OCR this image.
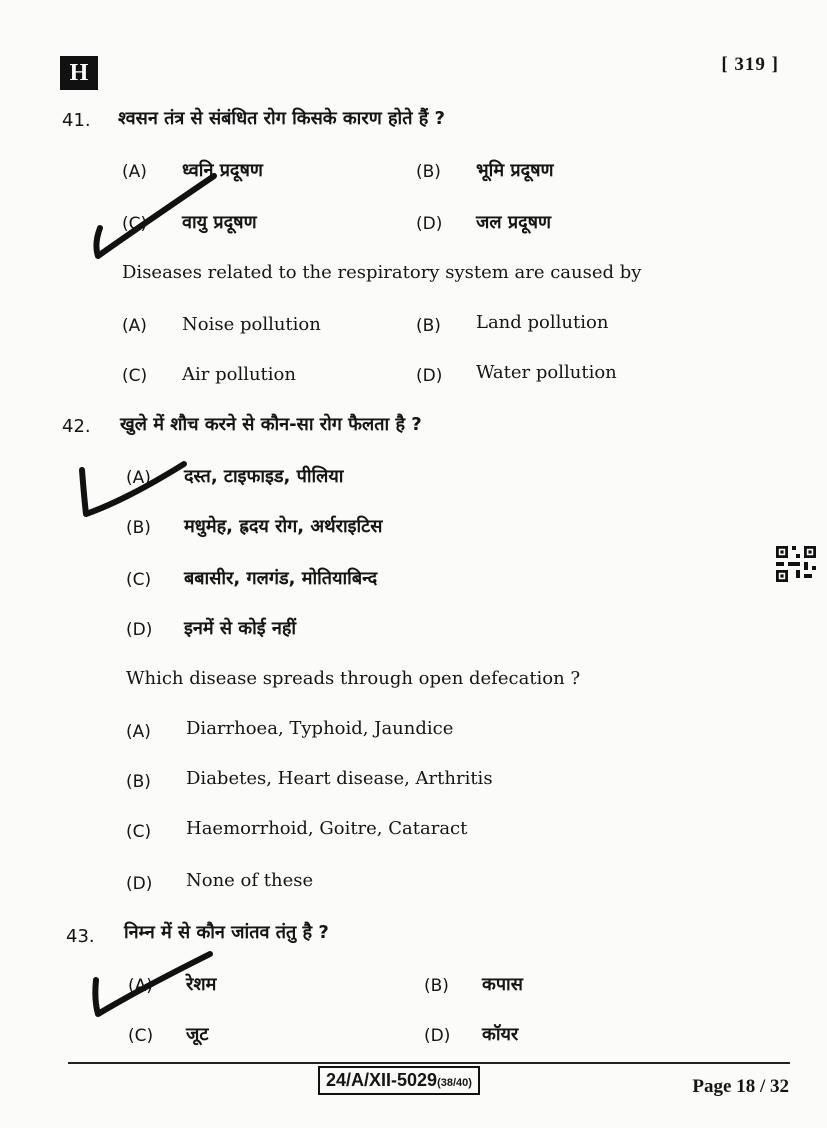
H	[ 319 ]
41. श्वसन तंत्र से संबंधित रोग किसके कारण होते हैं ?
(A) ध्वनि प्रदूषण	(B) भूमि प्रदूषण
(C) वायु प्रदूषण	(D) जल प्रदूषण
Diseases related to the respiratory system are caused by
(A) Noise pollution	(B) Land pollution
(C) Air pollution	(D) Water pollution
42. खुले में शौच करने से कौन-सा रोग फैलता है ?
(A) दस्त, टाइफाइड, पीलिया
(B) मधुमेह, ह्रदय रोग, अर्थराइटिस
(C) बबासीर, गलगंड, मोतियाबिन्द
(D) इनमें से कोई नहीं
Which disease spreads through open defecation ?
(A) Diarrhoea, Typhoid, Jaundice
(B) Diabetes, Heart disease, Arthritis
(C) Haemorrhoid, Goitre, Cataract
(D) None of these
43. निम्न में से कौन जांतव तंतु है ?
(A) रेशम	(B) कपास
(C) जूट	(D) कॉयर
24/A/XII-5029(38/40)	Page 18 / 32
